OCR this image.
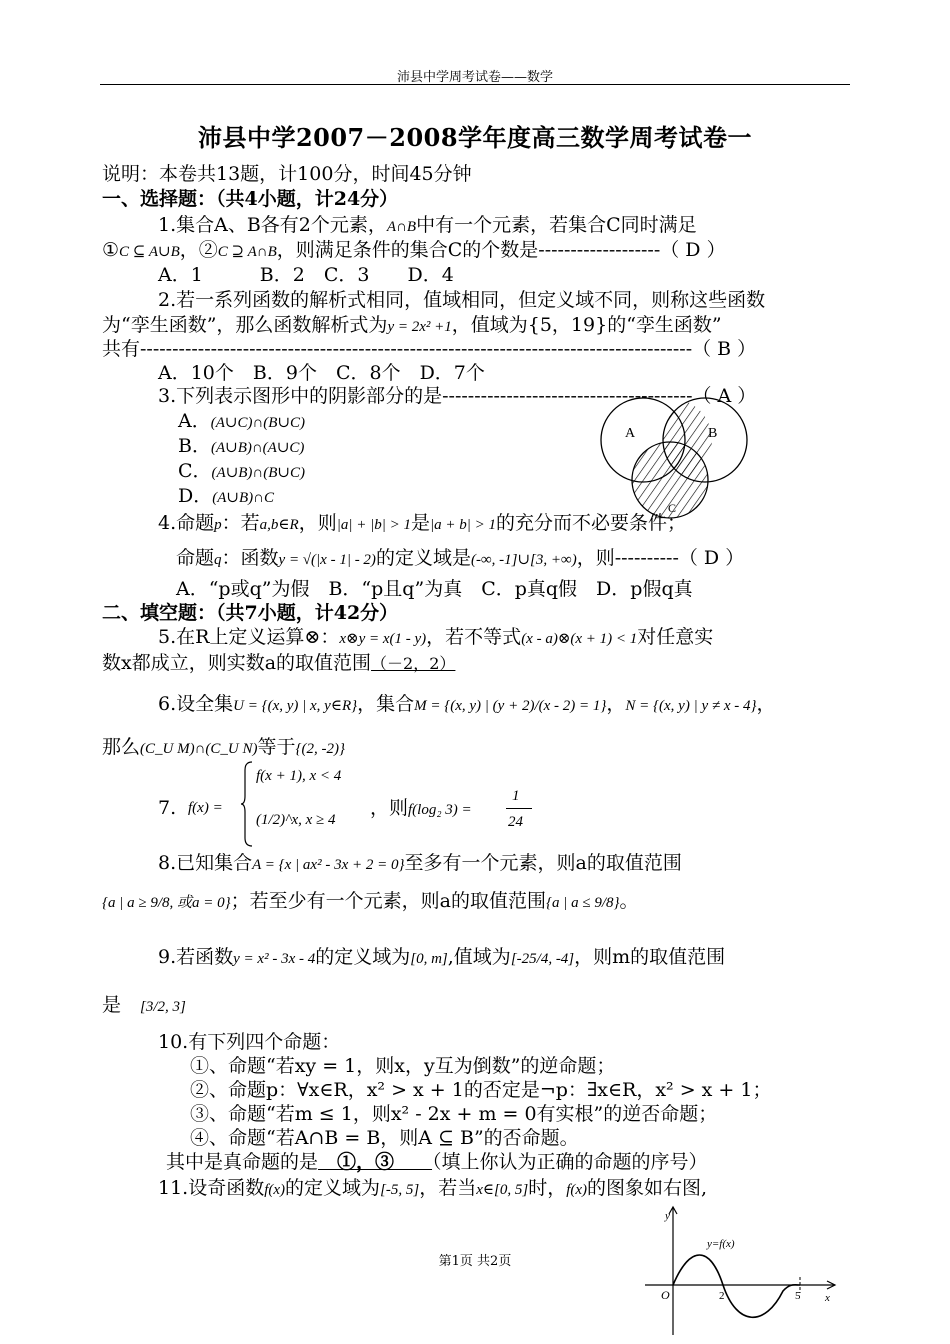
沛县中学周考试卷——数学
沛县中学2007－2008学年度高三数学周考试卷一
说明：本卷共13题，计100分，时间45分钟
一、选择题：（共4小题，计24分）
1.集合A、B各有2个元素，A∩B中有一个元素，若集合C同时满足
①C ⊆ A∪B，②C ⊇ A∩B，则满足条件的集合C的个数是-------------------（ D ）
A．1　　　B．2　C．3　　D．4
2.若一系列函数的解析式相同，值域相同，但定义域不同，则称这些函数
为“孪生函数”，那么函数解析式为y = 2x² +1，值域为{5，19}的“孪生函数”
共有--------------------------------------------------------------------------------------（ B ）
A．10个　B．9个　C．8个　D．7个
3.下列表示图形中的阴影部分的是---------------------------------------（ A ）
A．(A∪C)∩(B∪C)
B．(A∪B)∩(A∪C)
C．(A∪B)∩(B∪C)
D．(A∪B)∩C
A	B
C
4.命题p：若a,b∈R，则|a| + |b| > 1是|a + b| > 1的充分而不必要条件；
命题q：函数y = √(|x - 1| - 2)的定义域是(-∞, -1]∪[3, +∞)，则----------（ D ）
A．“p或q”为假　B．“p且q”为真　C．p真q假　D．p假q真
二、填空题：（共7小题，计42分）
5.在R上定义运算⊗：x⊗y = x(1 - y)，若不等式(x - a)⊗(x + 1) < 1对任意实
数x都成立，则实数a的取值范围（－2，2）
6.设全集U = {(x, y) | x, y∈R}，集合M = {(x, y) | (y + 2)/(x - 2) = 1}，N = {(x, y) | y ≠ x - 4}，
那么(C_U M)∩(C_U N)等于{(2, -2)}
7. f(x) =
f(x + 1), x < 4
(1/2)^x, x ≥ 4
，则f(log₂ 3) =
1
24
8.已知集合A = {x | ax² - 3x + 2 = 0}至多有一个元素，则a的取值范围
{a | a ≥ 9/8, 或a = 0}；若至少有一个元素，则a的取值范围{a | a ≤ 9/8}。
9.若函数y = x² - 3x - 4的定义域为[0, m],值域为[-25/4, -4]，则m的取值范围
是　 [3/2, 3]
10.有下列四个命题：
①、命题“若xy = 1，则x，y互为倒数”的逆命题；
②、命题p：∀x∈R，x² > x + 1的否定是¬p：∃x∈R，x² > x + 1；
③、命题“若m ≤ 1，则x² - 2x + m = 0有实根”的逆否命题；
④、命题“若A∩B = B，则A ⊆ B”的否命题。
其中是真命题的是　①，③　　（填上你认为正确的命题的序号）
11.设奇函数f(x)的定义域为[-5, 5]，若当x∈[0, 5]时，f(x)的图象如右图,
y
x
y=f(x)
O	2	5
第1页 共2页
